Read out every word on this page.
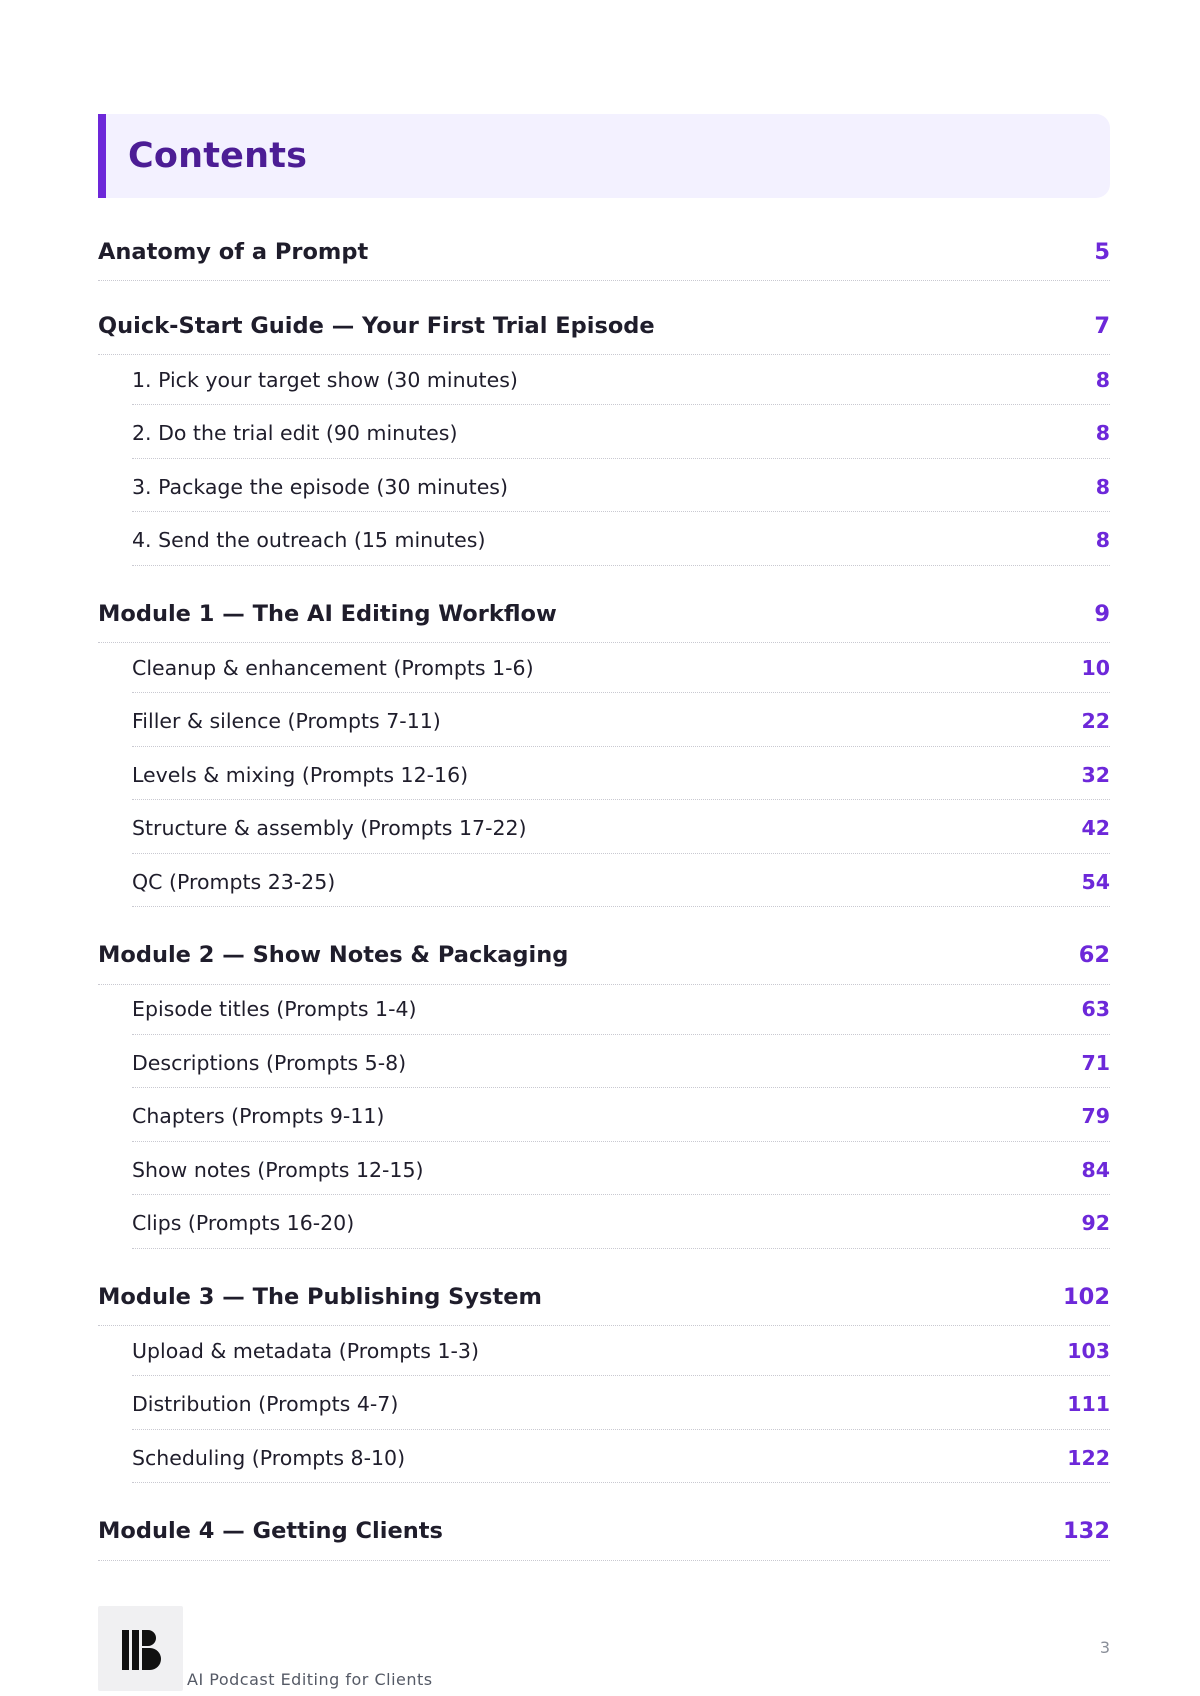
Contents
Anatomy of a Prompt	5
Quick-Start Guide — Your First Trial Episode	7
1. Pick your target show (30 minutes)	8
2. Do the trial edit (90 minutes)	8
3. Package the episode (30 minutes)	8
4. Send the outreach (15 minutes)	8
Module 1 — The AI Editing Workflow	9
Cleanup & enhancement (Prompts 1-6)	10
Filler & silence (Prompts 7-11)	22
Levels & mixing (Prompts 12-16)	32
Structure & assembly (Prompts 17-22)	42
QC (Prompts 23-25)	54
Module 2 — Show Notes & Packaging	62
Episode titles (Prompts 1-4)	63
Descriptions (Prompts 5-8)	71
Chapters (Prompts 9-11)	79
Show notes (Prompts 12-15)	84
Clips (Prompts 16-20)	92
Module 3 — The Publishing System	102
Upload & metadata (Prompts 1-3)	103
Distribution (Prompts 4-7)	111
Scheduling (Prompts 8-10)	122
Module 4 — Getting Clients	132
AI Podcast Editing for Clients
3
